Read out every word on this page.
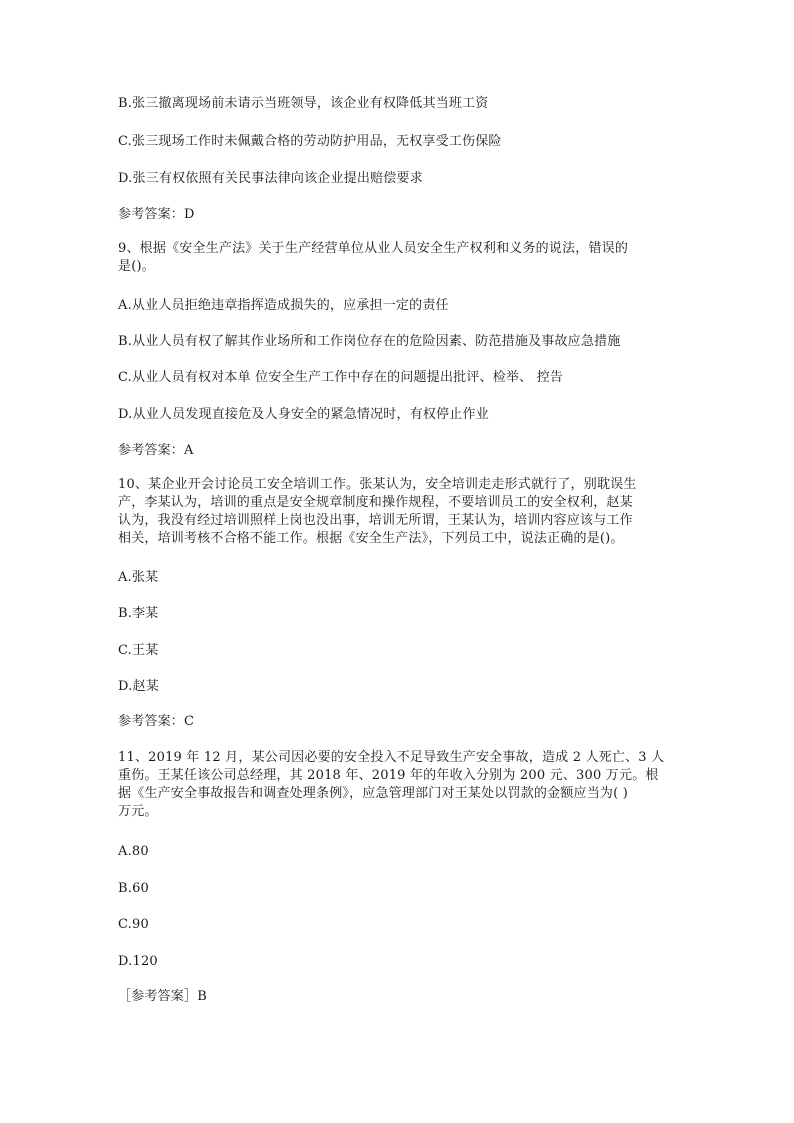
B.张三撤离现场前未请示当班领导，该企业有权降低其当班工资
C.张三现场工作时未佩戴合格的劳动防护用品，无权享受工伤保险
D.张三有权依照有关民事法律向该企业提出赔偿要求
参考答案：D
9、根据《安全生产法》关于生产经营单位从业人员安全生产权利和义务的说法，错误的
是()。
A.从业人员拒绝违章指挥造成损失的，应承担一定的责任
B.从业人员有权了解其作业场所和工作岗位存在的危险因素、防范措施及事故应急措施
C.从业人员有权对本单 位安全生产工作中存在的问题提出批评、检举、 控告
D.从业人员发现直接危及人身安全的紧急情况时，有权停止作业
参考答案：A
10、某企业开会讨论员工安全培训工作。张某认为，安全培训走走形式就行了，别耽误生
产，李某认为，培训的重点是安全规章制度和操作规程，不要培训员工的安全权利，赵某
认为，我没有经过培训照样上岗也没出事，培训无所谓，王某认为，培训内容应该与工作
相关，培训考核不合格不能工作。根据《安全生产法》，下列员工中，说法正确的是()。
A.张某
B.李某
C.王某
D.赵某
参考答案：C
11、2019 年 12 月，某公司因必要的安全投入不足导致生产安全事故，造成 2 人死亡、3 人
重伤。王某任该公司总经理，其 2018 年、2019 年的年收入分别为 200 元、300 万元。根
据《生产安全事故报告和调查处理条例》，应急管理部门对王某处以罚款的金额应当为( )
万元。
A.80
B.60
C.90
D.120
［参考答案］B
